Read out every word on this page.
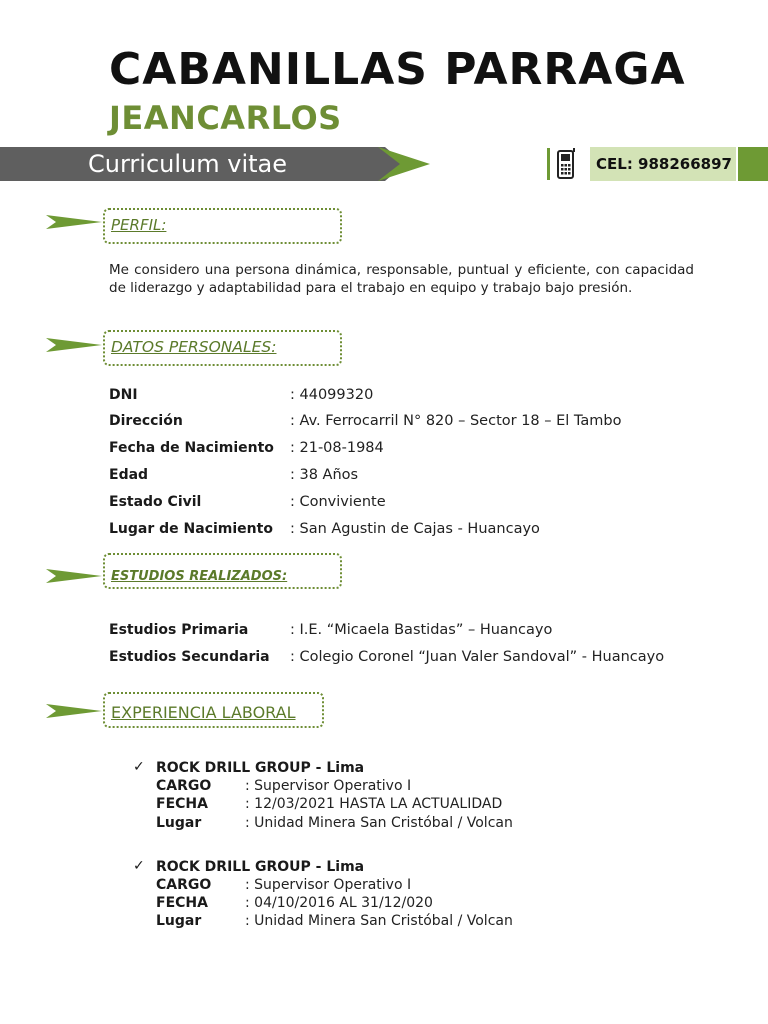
CABANILLAS PARRAGA
JEANCARLOS
Curriculum vitae	CEL: 988266897
PERFIL:
Me considero una persona dinámica, responsable, puntual y eficiente, con capacidad de liderazgo y adaptabilidad para el trabajo en equipo y trabajo bajo presión.
DATOS PERSONALES:
DNI	: 44099320
Dirección	: Av. Ferrocarril N° 820 – Sector 18 – El Tambo
Fecha de Nacimiento : 21-08-1984
Edad	: 38 Años
Estado Civil	: Conviviente
Lugar de Nacimiento : San Agustin de Cajas - Huancayo
ESTUDIOS REALIZADOS:
Estudios Primaria	: I.E. “Micaela Bastidas” – Huancayo
Estudios Secundaria : Colegio Coronel “Juan Valer Sandoval” - Huancayo
EXPERIENCIA LABORAL
✓ ROCK DRILL GROUP - Lima
CARGO : Supervisor Operativo I
FECHA	: 12/03/2021 HASTA LA ACTUALIDAD
Lugar	: Unidad Minera San Cristóbal / Volcan
✓ ROCK DRILL GROUP - Lima
CARGO : Supervisor Operativo I
FECHA	: 04/10/2016 AL 31/12/020
Lugar	: Unidad Minera San Cristóbal / Volcan
